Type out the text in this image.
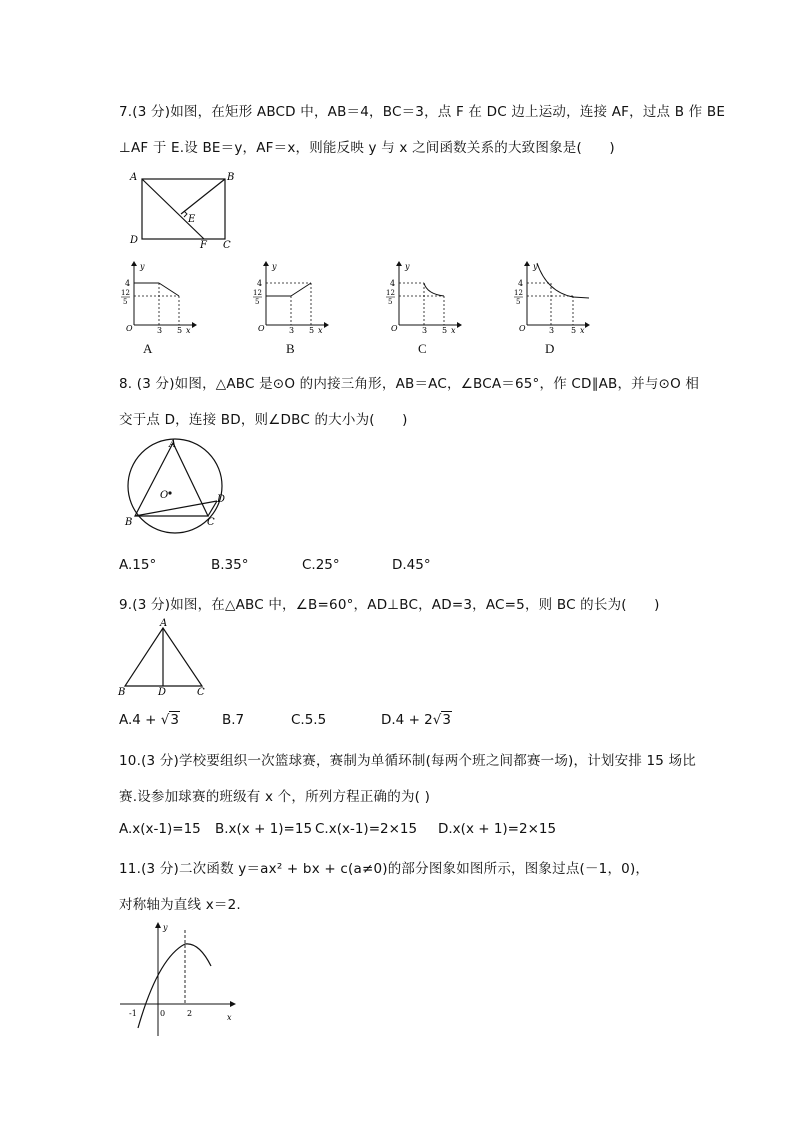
7.(3 分)如图，在矩形 ABCD 中，AB＝4，BC＝3，点 F 在 DC 边上运动，连接 AF，过点 B 作 BE
⊥AF 于 E.设 BE＝y，AF＝x，则能反映 y 与 x 之间函数关系的大致图象是(　　)
A	B
C
D
E
F
y
4
12
5
O	3 5 x
y
4
12
5
O	3 5 x
y
4
12
5
O	3 5 x
y
4
12
5
O	3 5 x
A	B	C	D
8. (3 分)如图，△ABC 是⊙O 的内接三角形，AB＝AC，∠BCA＝65°，作 CD∥AB，并与⊙O 相
交于点 D，连接 BD，则∠DBC 的大小为(　　)
A
B	C
D
O
A.15°	B.35°	C.25°	D.45°
9.(3 分)如图，在△ABC 中，∠B=60°，AD⊥BC，AD=3，AC=5，则 BC 的长为(　　)
A
B	D	C
A.4 + √3	B.7	C.5.5	D.4 + 2√3
10.(3 分)学校要组织一次篮球赛，赛制为单循环制(每两个班之间都赛一场)，计划安排 15 场比
赛.设参加球赛的班级有 x 个，所列方程正确的为( )
A.x(x-1)=15 B.x(x + 1)=15 C.x(x-1)=2×15 D.x(x + 1)=2×15
11.(3 分)二次函数 y＝ax² + bx + c(a≠0)的部分图象如图所示，图象过点(－1，0)，
对称轴为直线 x＝2.
y
x
-1	0	2
